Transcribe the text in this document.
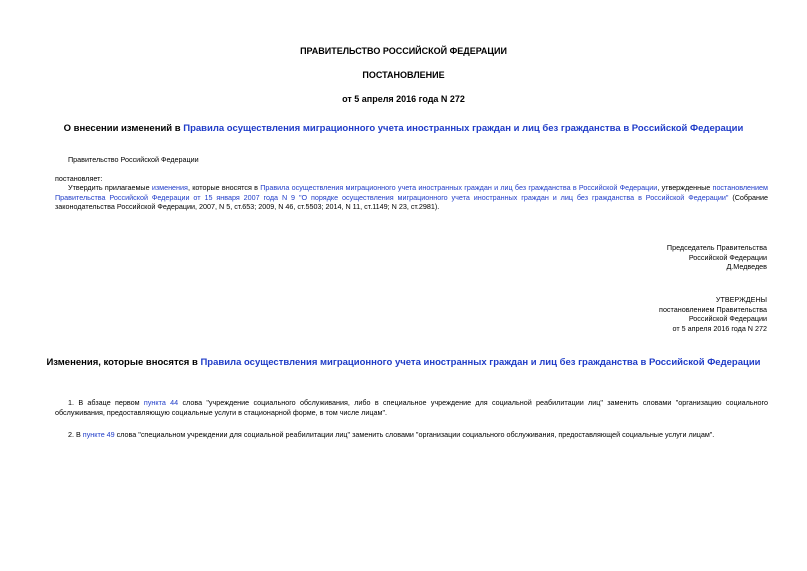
ПРАВИТЕЛЬСТВО РОССИЙСКОЙ ФЕДЕРАЦИИ
ПОСТАНОВЛЕНИЕ
от 5 апреля 2016 года N 272
О внесении изменений в Правила осуществления миграционного учета иностранных граждан и лиц без гражданства в Российской Федерации
Правительство Российской Федерации
постановляет:
Утвердить прилагаемые изменения, которые вносятся в Правила осуществления миграционного учета иностранных граждан и лиц без гражданства в Российской Федерации, утвержденные постановлением Правительства Российской Федерации от 15 января 2007 года N 9 "О порядке осуществления миграционного учета иностранных граждан и лиц без гражданства в Российской Федерации" (Собрание законодательства Российской Федерации, 2007, N 5, ст.653; 2009, N 46, ст.5503; 2014, N 11, ст.1149; N 23, ст.2981).
Председатель Правительства
Российской Федерации
Д.Медведев
УТВЕРЖДЕНЫ
постановлением Правительства
Российской Федерации
от 5 апреля 2016 года N 272
Изменения, которые вносятся в Правила осуществления миграционного учета иностранных граждан и лиц без гражданства в Российской Федерации
1. В абзаце первом пункта 44 слова "учреждение социального обслуживания, либо в специальное учреждение для социальной реабилитации лиц" заменить словами "организацию социального обслуживания, предоставляющую социальные услуги в стационарной форме, в том числе лицам".
2. В пункте 49 слова "специальном учреждении для социальной реабилитации лиц" заменить словами "организации социального обслуживания, предоставляющей социальные услуги лицам".
